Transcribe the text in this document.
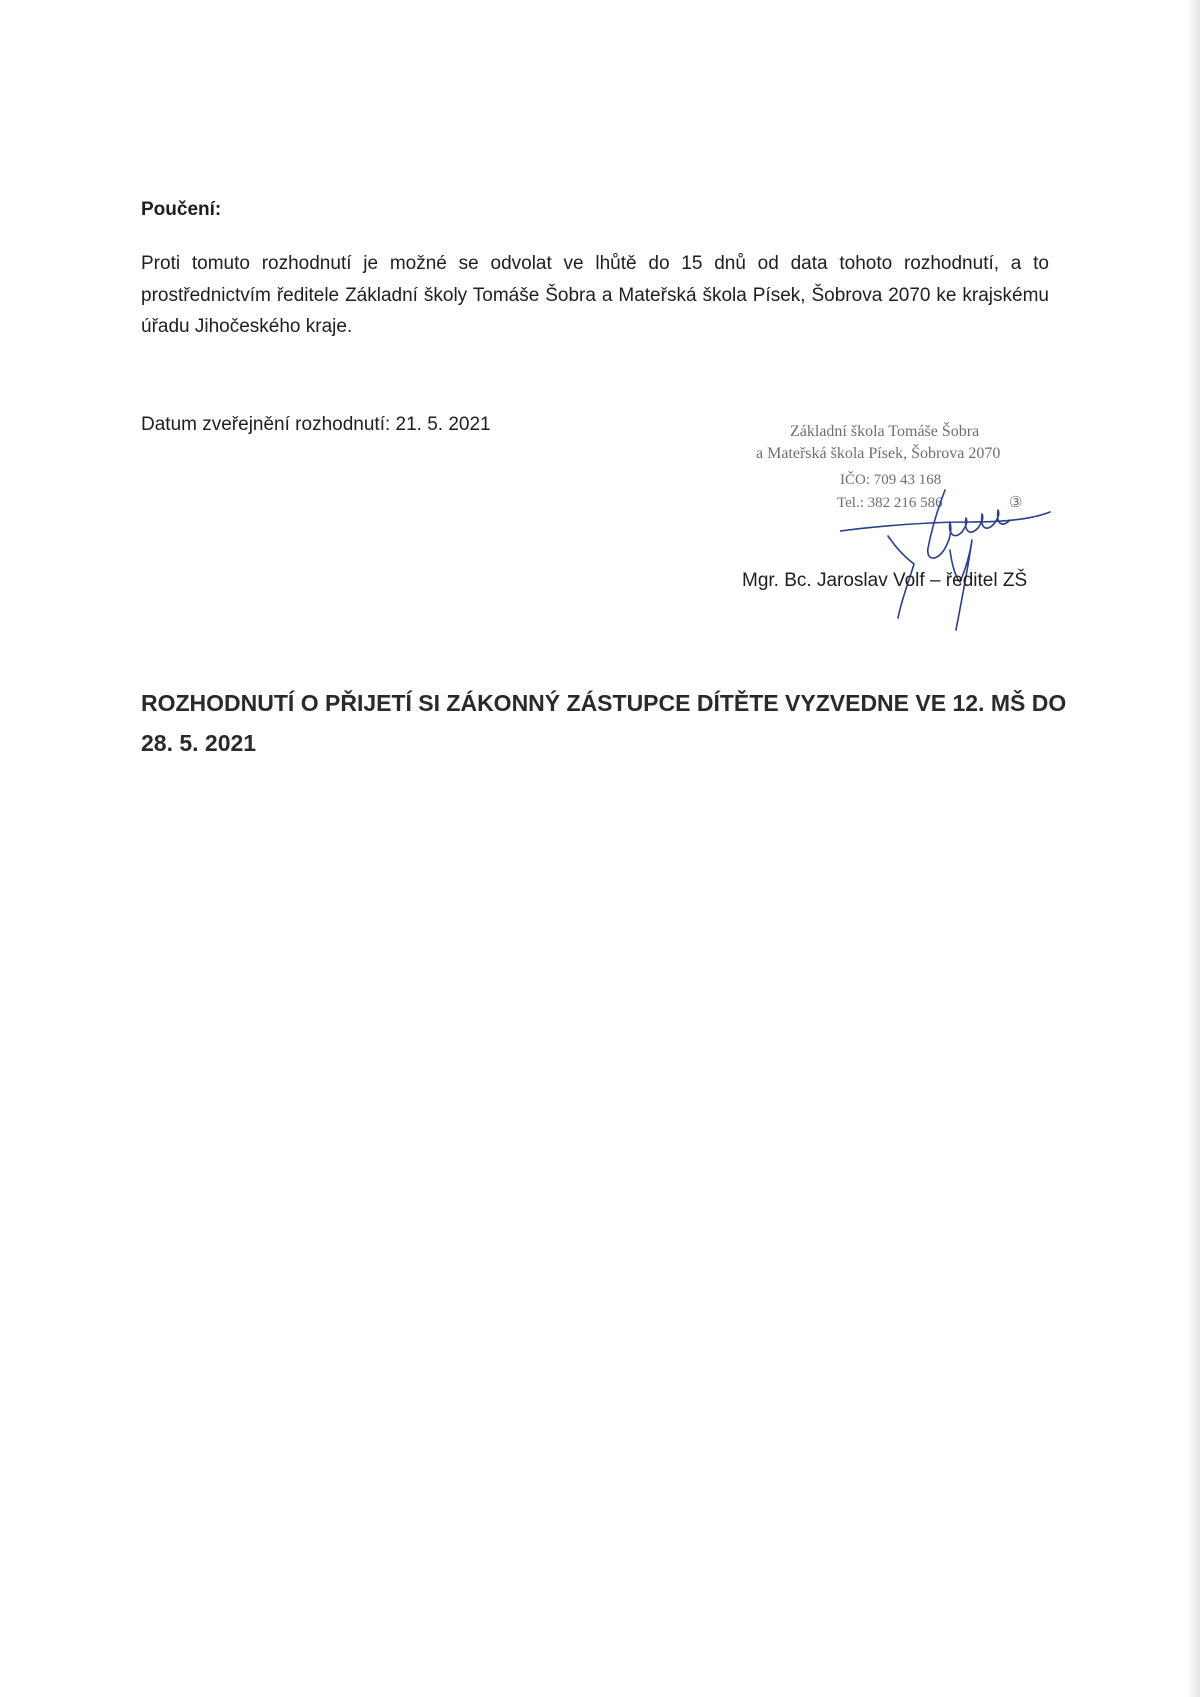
Poučení:

Proti tomuto rozhodnutí je možné se odvolat ve lhůtě do 15 dnů od data tohoto rozhodnutí, a to prostřednictvím ředitele Základní školy Tomáše Šobra a Mateřská škola Písek, Šobrova 2070 ke krajskému úřadu Jihočeského kraje.

Datum zveřejnění rozhodnutí: 21. 5. 2021	Základní škola Tomáše Šobra
a Mateřská škola Písek, Šobrova 2070
IČO: 709 43 168
Tel.: 382 216 586	③

Mgr. Bc. Jaroslav Volf – ředitel ZŠ

ROZHODNUTÍ O PŘIJETÍ SI ZÁKONNÝ ZÁSTUPCE DÍTĚTE VYZVEDNE VE 12. MŠ DO 28. 5. 2021
